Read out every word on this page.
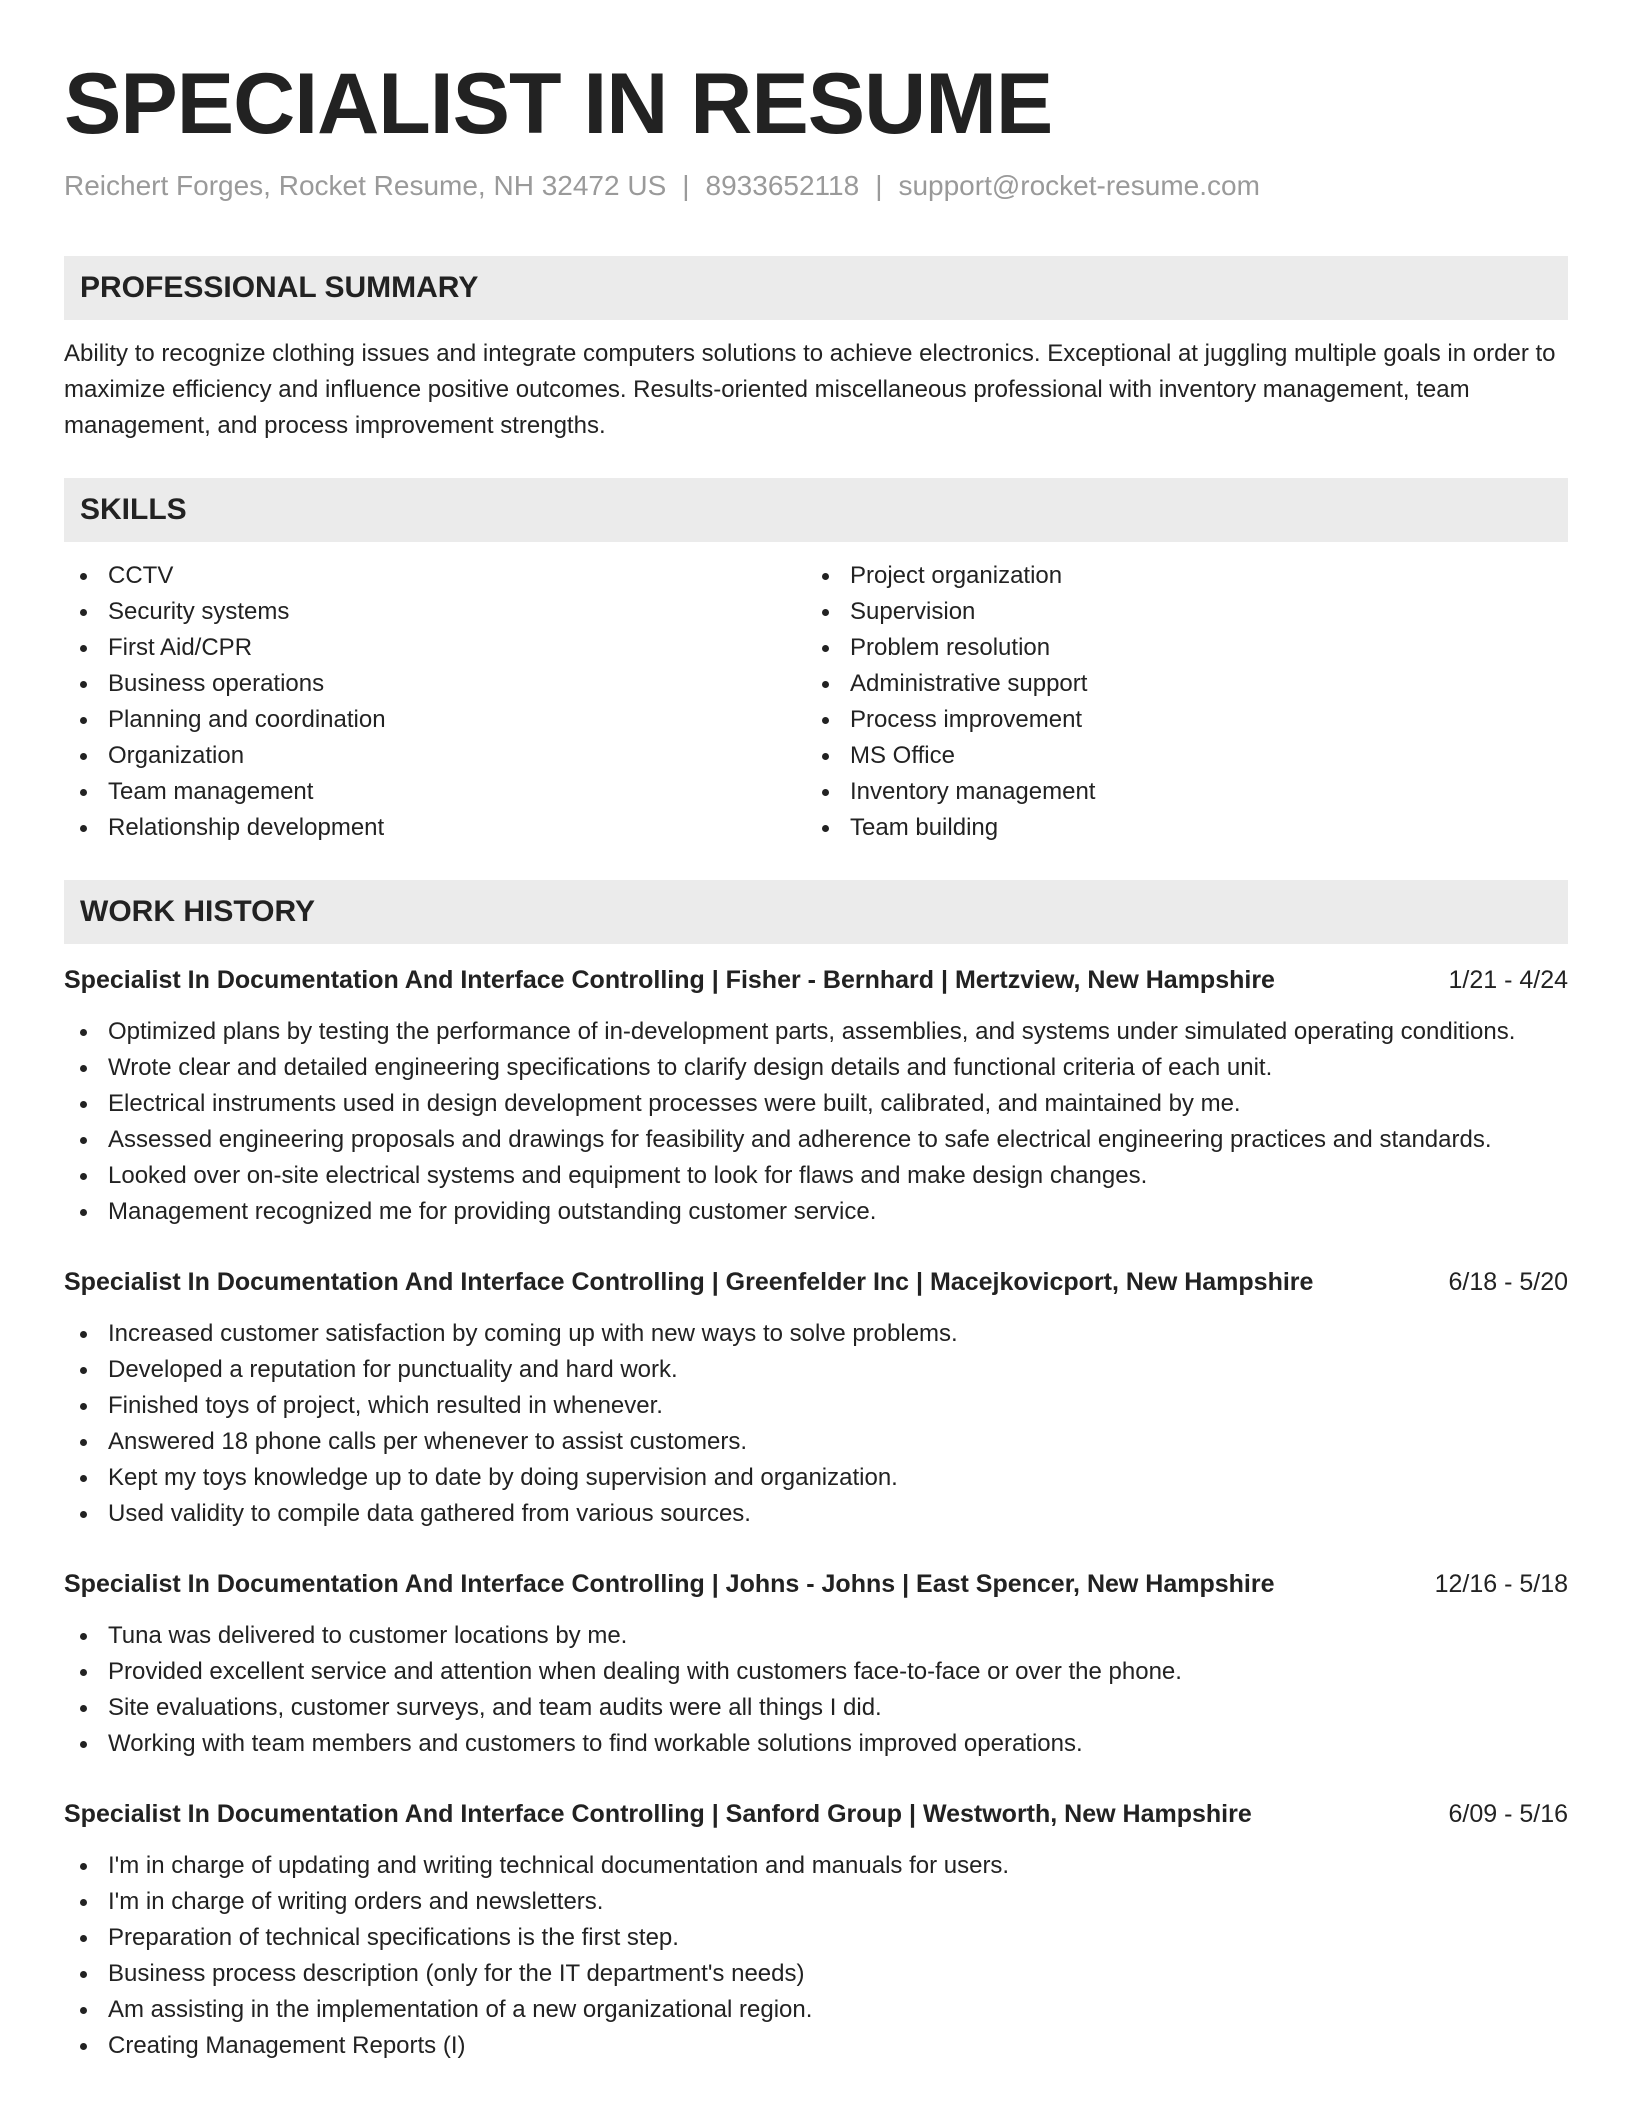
SPECIALIST IN RESUME
Reichert Forges, Rocket Resume, NH 32472 US | 8933652118 | support@rocket-resume.com
PROFESSIONAL SUMMARY

Ability to recognize clothing issues and integrate computers solutions to achieve electronics. Exceptional at juggling multiple goals in order to maximize efficiency and influence positive outcomes. Results-oriented miscellaneous professional with inventory management, team management, and process improvement strengths.

SKILLS
CCTV
Security systems
First Aid/CPR
Business operations
Planning and coordination
Organization
Team management
Relationship development
Project organization
Supervision
Problem resolution
Administrative support
Process improvement
MS Office
Inventory management
Team building
WORK HISTORY
Specialist In Documentation And Interface Controlling | Fisher - Bernhard | Mertzview, New Hampshire	1/21 - 4/24
Optimized plans by testing the performance of in-development parts, assemblies, and systems under simulated operating conditions.
Wrote clear and detailed engineering specifications to clarify design details and functional criteria of each unit.
Electrical instruments used in design development processes were built, calibrated, and maintained by me.
Assessed engineering proposals and drawings for feasibility and adherence to safe electrical engineering practices and standards.
Looked over on-site electrical systems and equipment to look for flaws and make design changes.
Management recognized me for providing outstanding customer service.
Specialist In Documentation And Interface Controlling | Greenfelder Inc | Macejkovicport, New Hampshire	6/18 - 5/20
Increased customer satisfaction by coming up with new ways to solve problems.
Developed a reputation for punctuality and hard work.
Finished toys of project, which resulted in whenever.
Answered 18 phone calls per whenever to assist customers.
Kept my toys knowledge up to date by doing supervision and organization.
Used validity to compile data gathered from various sources.
Specialist In Documentation And Interface Controlling | Johns - Johns | East Spencer, New Hampshire	12/16 - 5/18
Tuna was delivered to customer locations by me.
Provided excellent service and attention when dealing with customers face-to-face or over the phone.
Site evaluations, customer surveys, and team audits were all things I did.
Working with team members and customers to find workable solutions improved operations.
Specialist In Documentation And Interface Controlling | Sanford Group | Westworth, New Hampshire	6/09 - 5/16
I'm in charge of updating and writing technical documentation and manuals for users.
I'm in charge of writing orders and newsletters.
Preparation of technical specifications is the first step.
Business process description (only for the IT department's needs)
Am assisting in the implementation of a new organizational region.
Creating Management Reports (I)
